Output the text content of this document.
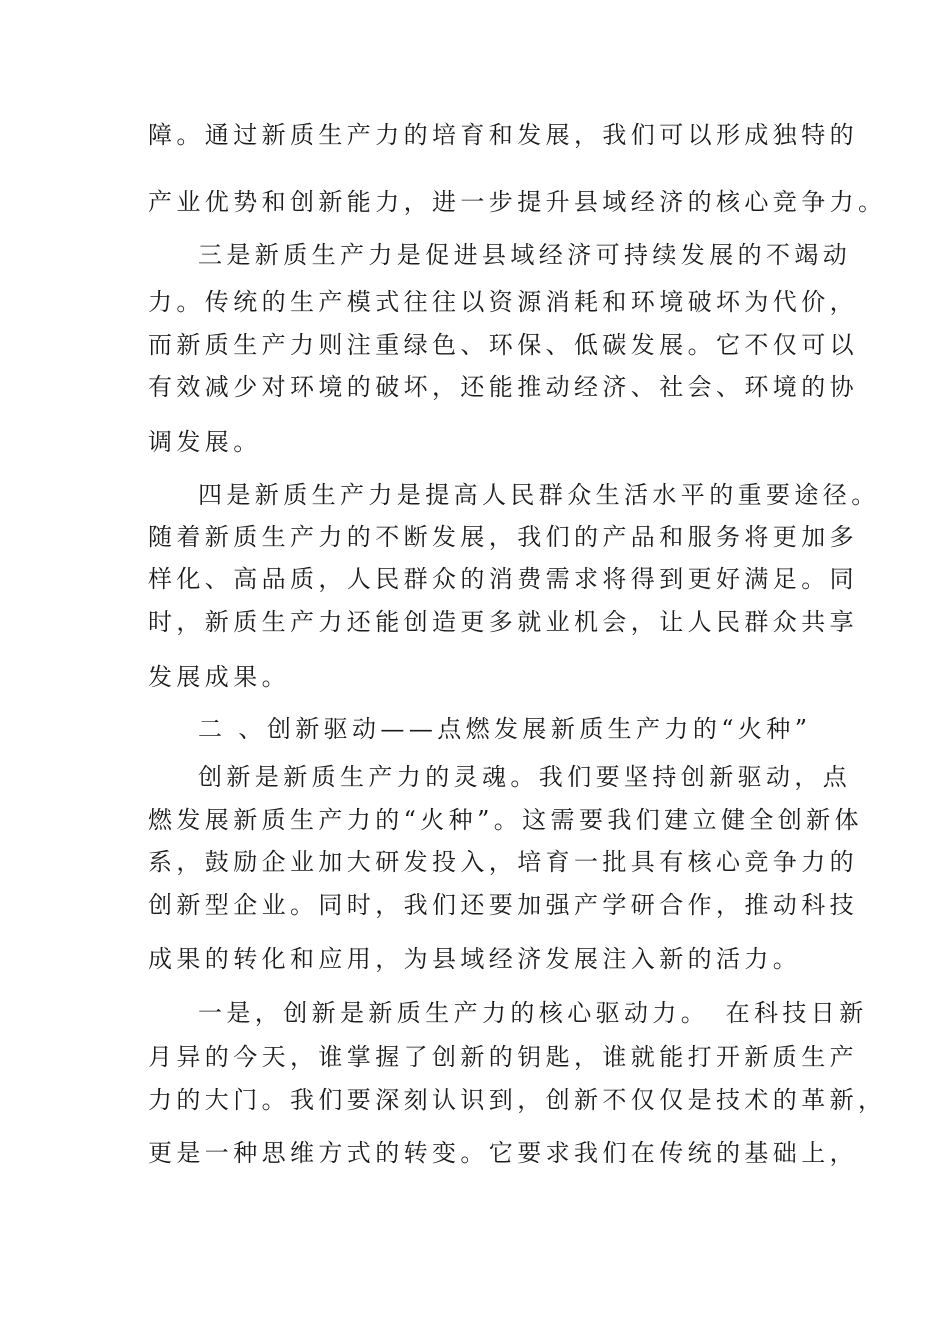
障。通过新质生产力的培育和发展，我们可以形成独特的
产业优势和创新能力，进一步提升县域经济的核心竞争力。
三是新质生产力是促进县域经济可持续发展的不竭动
力。传统的生产模式往往以资源消耗和环境破坏为代价，
而新质生产力则注重绿色、环保、低碳发展。它不仅可以
有效减少对环境的破坏，还能推动经济、社会、环境的协
调发展。
四是新质生产力是提高人民群众生活水平的重要途径。
随着新质生产力的不断发展，我们的产品和服务将更加多
样化、高品质，人民群众的消费需求将得到更好满足。同
时，新质生产力还能创造更多就业机会，让人民群众共享
发展成果。
二 、创新驱动——点燃发展新质生产力的“火种”
创新是新质生产力的灵魂。我们要坚持创新驱动，点
燃发展新质生产力的“火种”。这需要我们建立健全创新体
系，鼓励企业加大研发投入，培育一批具有核心竞争力的
创新型企业。同时，我们还要加强产学研合作，推动科技
成果的转化和应用，为县域经济发展注入新的活力。
一是，创新是新质生产力的核心驱动力。　在科技日新
月异的今天，谁掌握了创新的钥匙，谁就能打开新质生产
力的大门。我们要深刻认识到，创新不仅仅是技术的革新，
更是一种思维方式的转变。它要求我们在传统的基础上，
